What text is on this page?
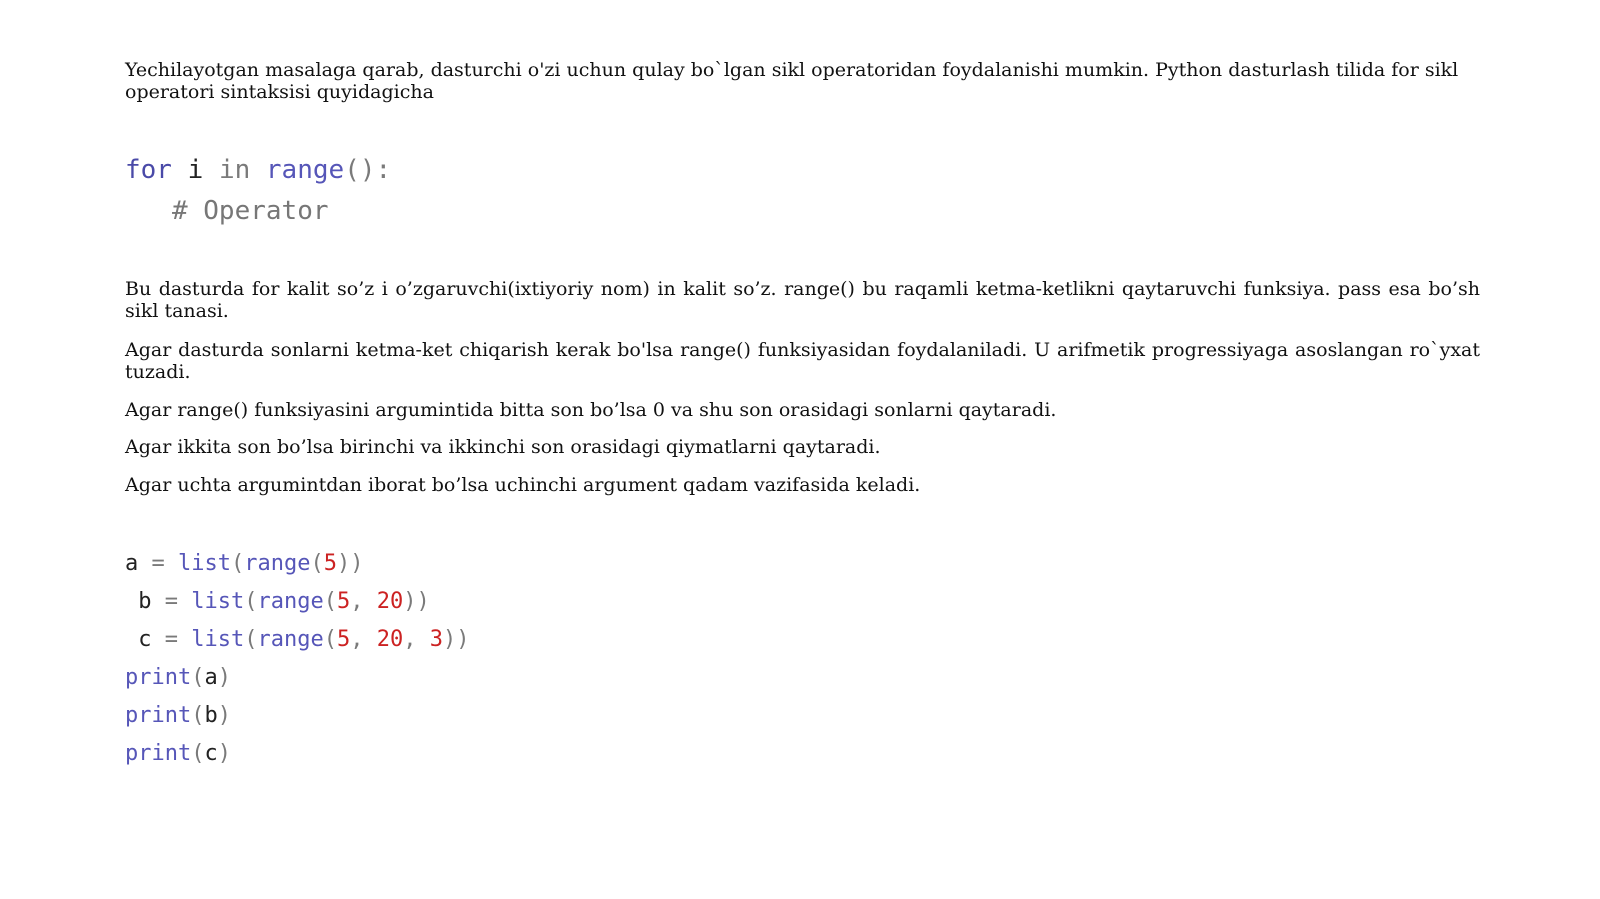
Yechilayotgan masalaga qarab, dasturchi o'zi uchun qulay bo`lgan sikl operatoridan foydalanishi mumkin. Python dasturlash tilida for sikl operatori sintaksisi quyidagicha

for i in range():
# Operator

Bu dasturda for kalit so’z i o’zgaruvchi(ixtiyoriy nom) in kalit so’z. range() bu raqamli ketma-ketlikni qaytaruvchi funksiya. pass esa bo’sh sikl tanasi.

Agar dasturda sonlarni ketma-ket chiqarish kerak bo'lsa range() funksiyasidan foydalaniladi. U arifmetik progressiyaga asoslangan ro`yxat tuzadi.

Agar range() funksiyasini argumintida bitta son bo’lsa 0 va shu son orasidagi sonlarni qaytaradi.

Agar ikkita son bo’lsa birinchi va ikkinchi son orasidagi qiymatlarni qaytaradi.

Agar uchta argumintdan iborat bo’lsa uchinchi argument qadam vazifasida keladi.

a = list(range(5))
b = list(range(5, 20))
c = list(range(5, 20, 3))
print(a)
print(b)
print(c)
